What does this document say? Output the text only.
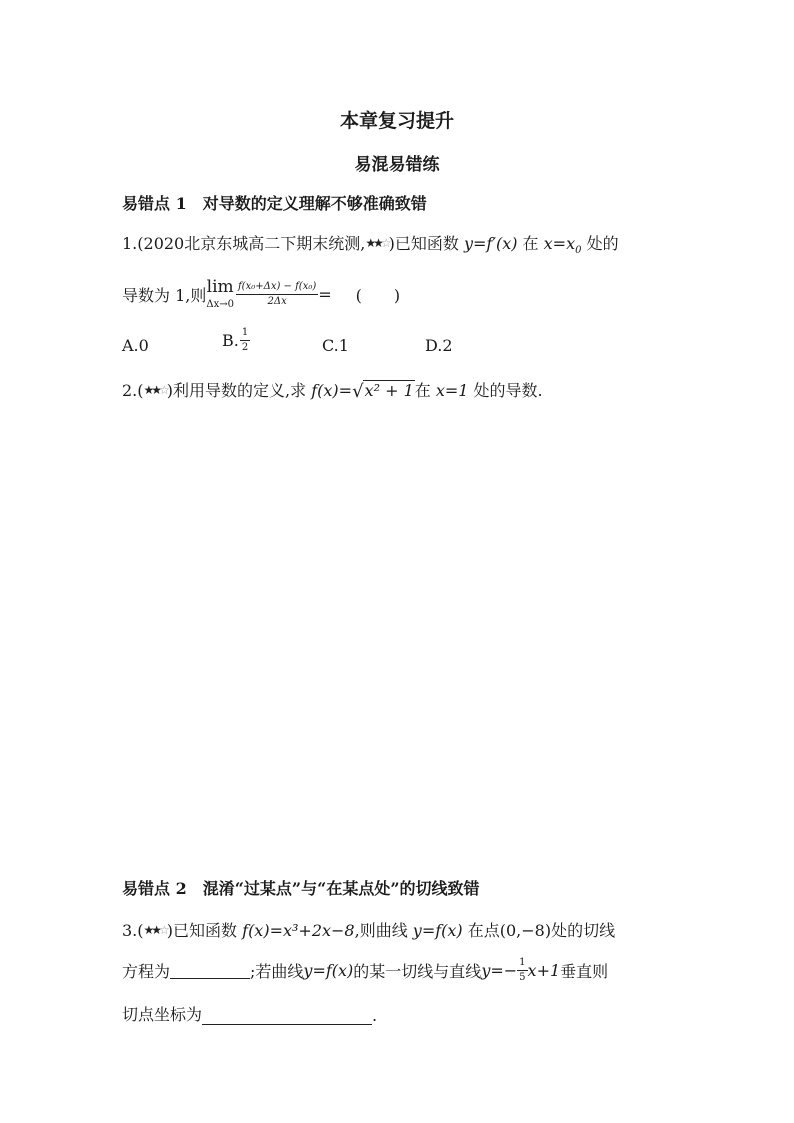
本章复习提升
易混易错练
易错点 1　对导数的定义理解不够准确致错
1.(2020北京东城高二下期末统测,★★☆)已知函数 y=f′(x) 在 $x=x_0$ 处的
导数为 1,则 lim
$\Delta x\to 0 \frac{\text{f(x₀+Δx) − f(x₀)}}{2\Delta x}$ = (　　)
A.0	B. $\frac{1}{2}$	C.1	D.2
2.(★★☆)利用导数的定义,求 f(x)=√x² + 1在 x=1 处的导数.
易错点 2　混淆“过某点”与“在某点处”的切线致错
3.(★★☆)已知函数 f(x)=x³+2x−8,则曲线 y=f(x) 在点(0,−8)处的切线
方程为	;若曲线 y=f(x) 的某一切线与直线 $y=- \frac{1}{5} x+1$ 垂直则
切点坐标为	.
